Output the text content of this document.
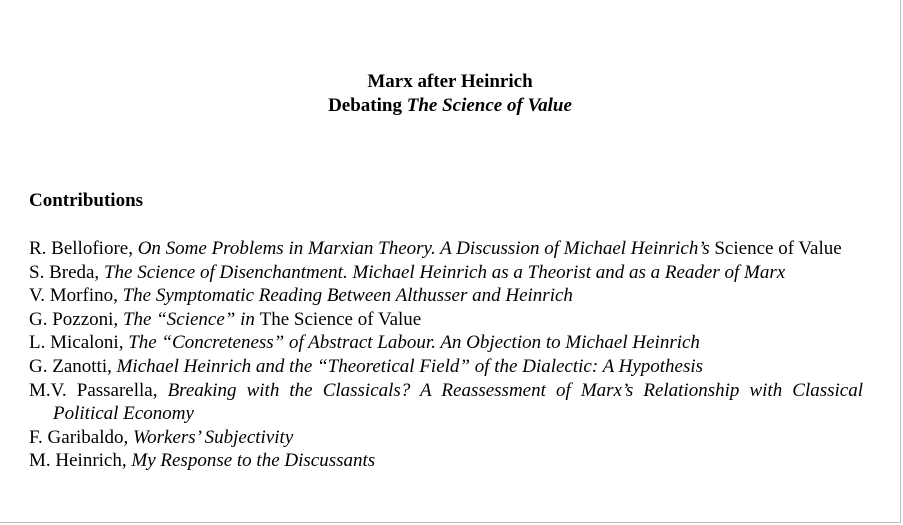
Marx after Heinrich
Debating The Science of Value
Contributions
R. Bellofiore, On Some Problems in Marxian Theory. A Discussion of Michael Heinrich’s Science of Value
S. Breda, The Science of Disenchantment. Michael Heinrich as a Theorist and as a Reader of Marx
V. Morfino, The Symptomatic Reading Between Althusser and Heinrich
G. Pozzoni, The “Science” in The Science of Value
L. Micaloni, The “Concreteness” of Abstract Labour. An Objection to Michael Heinrich
G. Zanotti, Michael Heinrich and the “Theoretical Field” of the Dialectic: A Hypothesis
M.V. Passarella, Breaking with the Classicals? A Reassessment of Marx’s Relationship with Classical Political Economy
F. Garibaldo, Workers’ Subjectivity
M. Heinrich, My Response to the Discussants
